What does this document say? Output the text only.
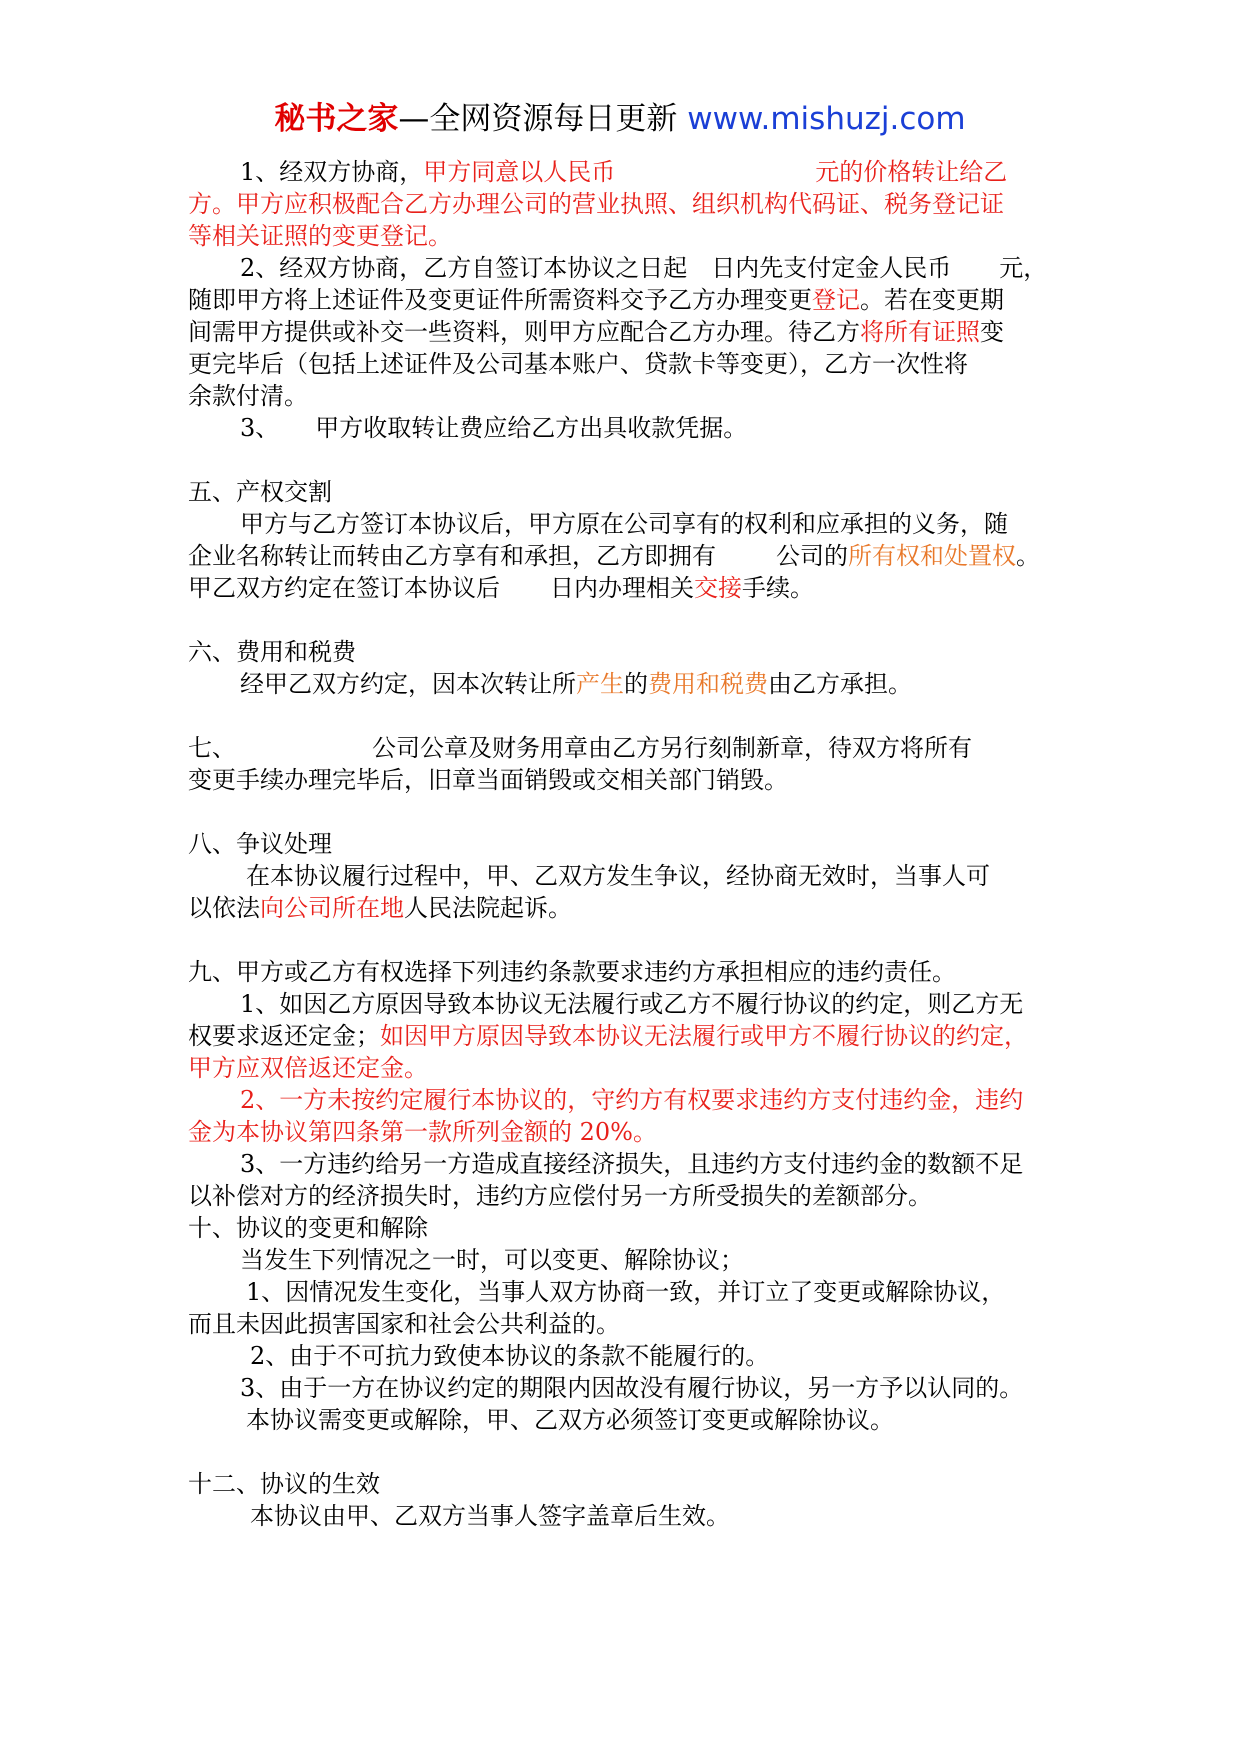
秘书之家—全网资源每日更新 www.mishuzj.com
1、经双方协商，甲方同意以人民币	元的价格转让给乙
方。甲方应积极配合乙方办理公司的营业执照、组织机构代码证、税务登记证
等相关证照的变更登记。
2、经双方协商，乙方自签订本协议之日起 日内先支付定金人民币 元，
随即甲方将上述证件及变更证件所需资料交予乙方办理变更登记。若在变更期
间需甲方提供或补交一些资料，则甲方应配合乙方办理。待乙方将所有证照变
更完毕后（包括上述证件及公司基本账户、贷款卡等变更），乙方一次性将
余款付清。
3、 甲方收取转让费应给乙方出具收款凭据。
五、产权交割
甲方与乙方签订本协议后，甲方原在公司享有的权利和应承担的义务，随
企业名称转让而转由乙方享有和承担，乙方即拥有	公司的所有权和处置权。
甲乙双方约定在签订本协议后 日内办理相关交接手续。
六、费用和税费
经甲乙双方约定，因本次转让所产生的费用和税费由乙方承担。
七、	公司公章及财务用章由乙方另行刻制新章，待双方将所有
变更手续办理完毕后，旧章当面销毁或交相关部门销毁。
八、争议处理
在本协议履行过程中，甲、乙双方发生争议，经协商无效时，当事人可
以依法向公司所在地人民法院起诉。
九、甲方或乙方有权选择下列违约条款要求违约方承担相应的违约责任。
1、如因乙方原因导致本协议无法履行或乙方不履行协议的约定，则乙方无
权要求返还定金；如因甲方原因导致本协议无法履行或甲方不履行协议的约定，
甲方应双倍返还定金。
2、一方未按约定履行本协议的，守约方有权要求违约方支付违约金，违约
金为本协议第四条第一款所列金额的 20%。
3、一方违约给另一方造成直接经济损失，且违约方支付违约金的数额不足
以补偿对方的经济损失时，违约方应偿付另一方所受损失的差额部分。
十、协议的变更和解除
当发生下列情况之一时，可以变更、解除协议；
1、因情况发生变化，当事人双方协商一致，并订立了变更或解除协议，
而且未因此损害国家和社会公共利益的。
2、由于不可抗力致使本协议的条款不能履行的。
3、由于一方在协议约定的期限内因故没有履行协议，另一方予以认同的。
本协议需变更或解除，甲、乙双方必须签订变更或解除协议。
十二、协议的生效
本协议由甲、乙双方当事人签字盖章后生效。
